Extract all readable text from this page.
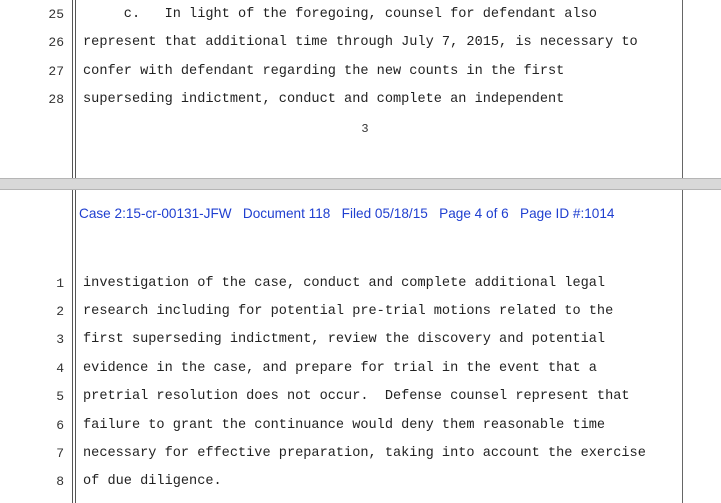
25 c.   In light of the foregoing, counsel for defendant also
26 represent that additional time through July 7, 2015, is necessary to
27 confer with defendant regarding the new counts in the first
28 superseding indictment, conduct and complete an independent
3
Case 2:15-cr-00131-JFW   Document 118   Filed 05/18/15   Page 4 of 6   Page ID #:1014
1 investigation of the case, conduct and complete additional legal
2 research including for potential pre-trial motions related to the
3 first superseding indictment, review the discovery and potential
4 evidence in the case, and prepare for trial in the event that a
5 pretrial resolution does not occur.  Defense counsel represent that
6 failure to grant the continuance would deny them reasonable time
7 necessary for effective preparation, taking into account the exercise
8 of due diligence.
